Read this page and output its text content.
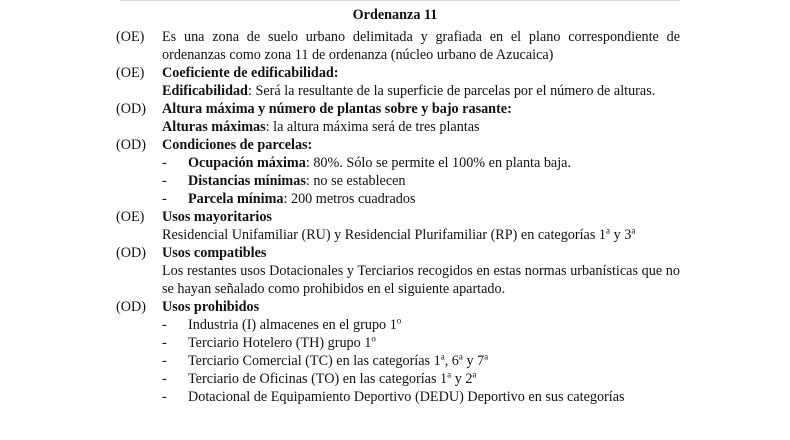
Ordenanza 11
(OE) Es una zona de suelo urbano delimitada y grafiada en el plano correspondiente de ordenanzas como zona 11 de ordenanza (núcleo urbano de Azucaica)
(OE) Coeficiente de edificabilidad:
Edificabilidad: Será la resultante de la superficie de parcelas por el número de alturas.
(OD) Altura máxima y número de plantas sobre y bajo rasante:
Alturas máximas: la altura máxima será de tres plantas
(OD) Condiciones de parcelas:
- Ocupación máxima: 80%. Sólo se permite el 100% en planta baja.
- Distancias mínimas: no se establecen
- Parcela mínima: 200 metros cuadrados
(OE) Usos mayoritarios
Residencial Unifamiliar (RU) y Residencial Plurifamiliar (RP) en categorías 1$^a$ y 3$^a$
(OD) Usos compatibles
Los restantes usos Dotacionales y Terciarios recogidos en estas normas urbanísticas que no se hayan señalado como prohibidos en el siguiente apartado.
(OD) Usos prohibidos
- Industria (I) almacenes en el grupo 1$^o$
- Terciario Hotelero (TH) grupo 1$^o$
- Terciario Comercial (TC) en las categorías 1$^a$, 6$^a$ y 7$^a$
- Terciario de Oficinas (TO) en las categorías 1$^a$ y 2$^a$
- Dotacional de Equipamiento Deportivo (DEDU) Deportivo en sus categorías
